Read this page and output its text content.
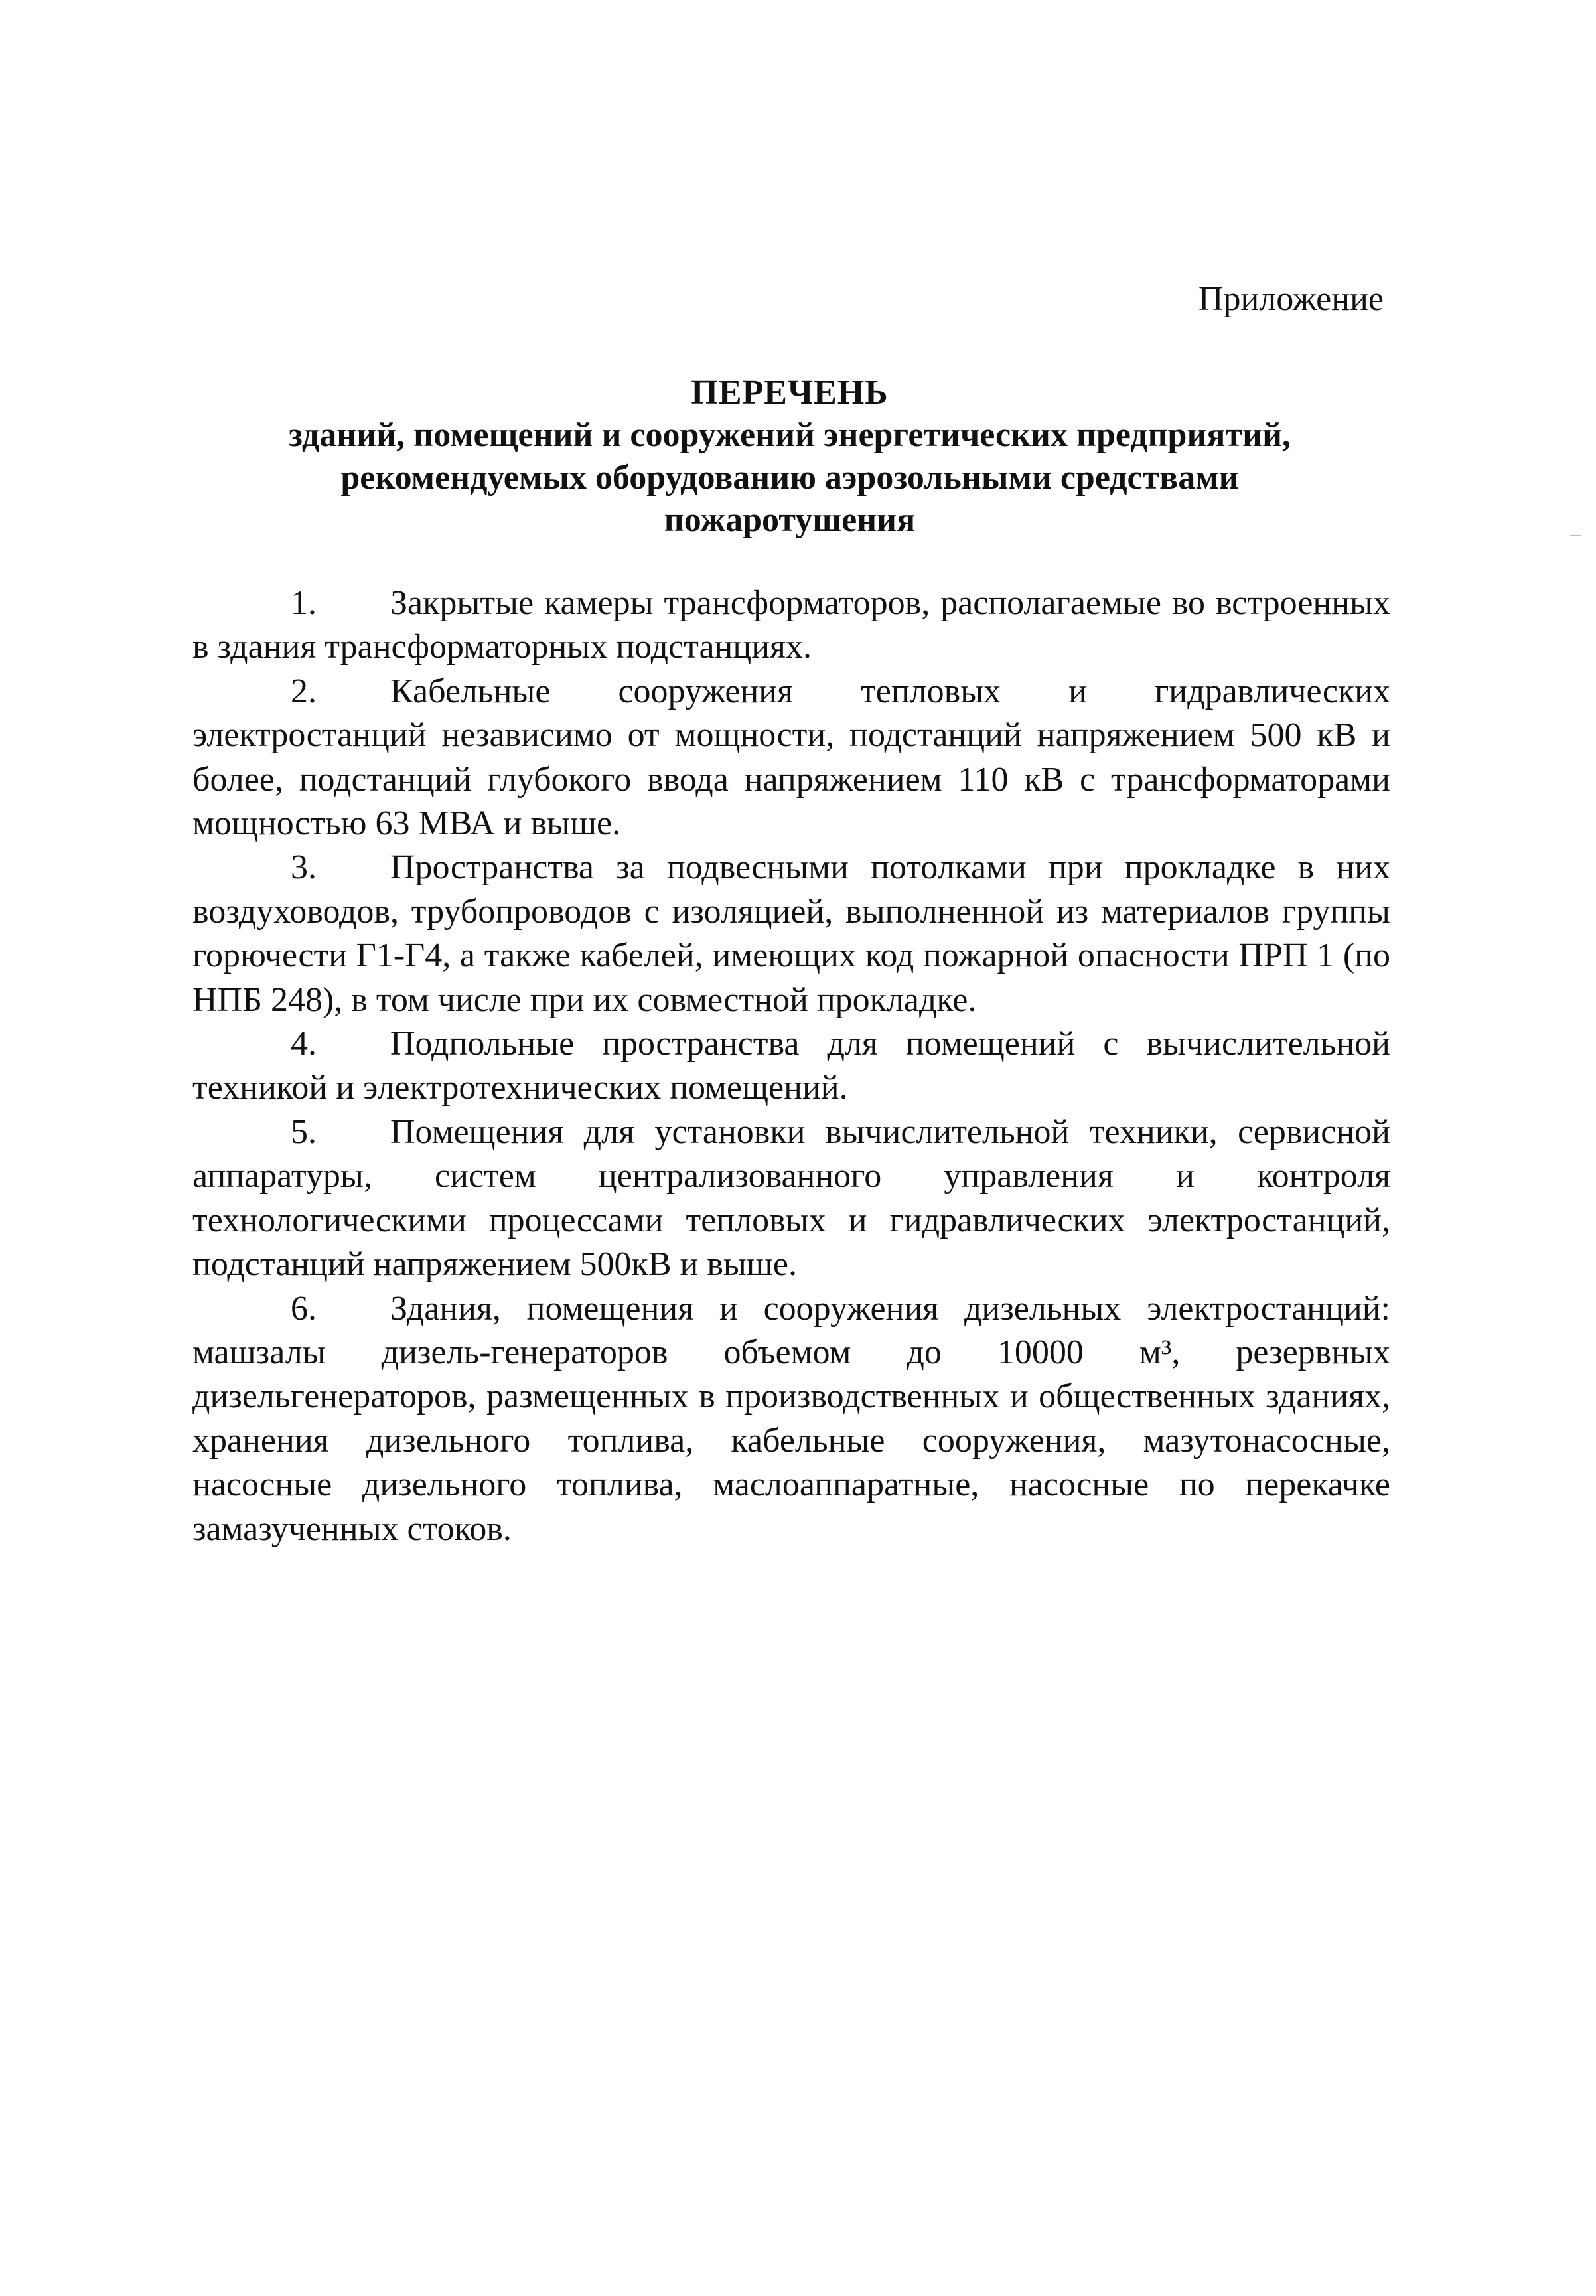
Приложение
ПЕРЕЧЕНЬ
зданий, помещений и сооружений энергетических предприятий,
рекомендуемых оборудованию аэрозольными средствами
пожаротушения

1. Закрытые камеры трансформаторов, располагаемые во встроенных в здания трансформаторных подстанциях.

2. Кабельные сооружения тепловых и гидравлических электростанций независимо от мощности, подстанций напряжением 500 кВ и более, подстанций глубокого ввода напряжением 110 кВ с трансформаторами мощностью 63 МВА и выше.

3. Пространства за подвесными потолками при прокладке в них воздуховодов, трубопроводов с изоляцией, выполненной из материалов группы горючести Г1-Г4, а также кабелей, имеющих код пожарной опасности ПРП 1 (по НПБ 248), в том числе при их совместной прокладке.

4. Подпольные пространства для помещений с вычислительной техникой и электротехнических помещений.

5. Помещения для установки вычислительной техники, сервисной аппаратуры, систем централизованного управления и контроля технологическими процессами тепловых и гидравлических электростанций, подстанций напряжением 500кВ и выше.

6. Здания, помещения и сооружения дизельных электростанций: машзалы дизель-генераторов объемом до 10000 м³, резервных дизельгенераторов, размещенных в производственных и общественных зданиях, хранения дизельного топлива, кабельные сооружения, мазутонасосные, насосные дизельного топлива, маслоаппаратные, насосные по перекачке замазученных стоков.
